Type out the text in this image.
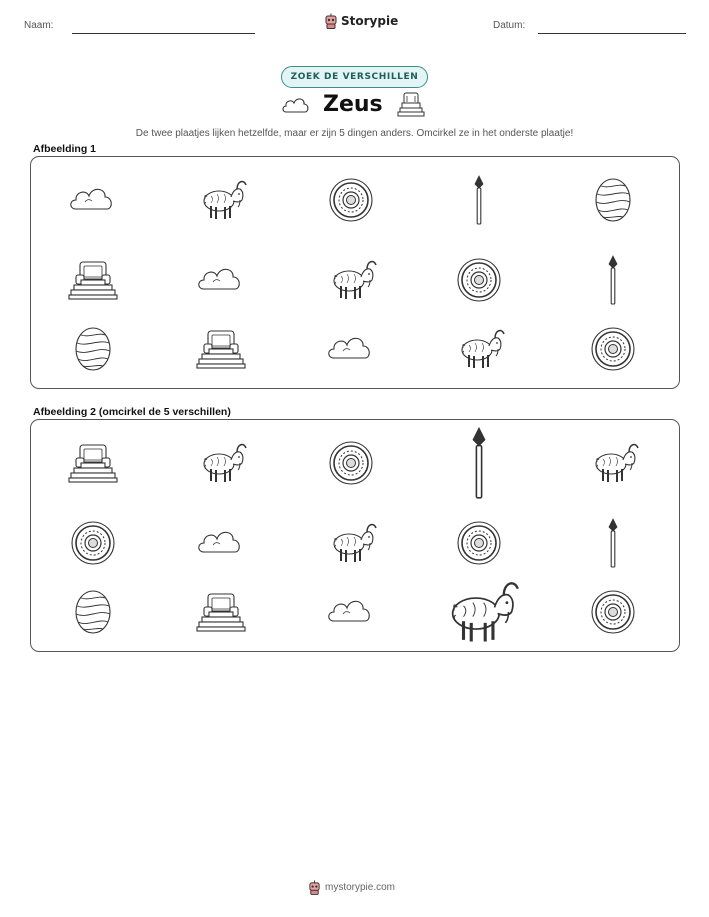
Naam:	Storypie	Datum:
ZOEK DE VERSCHILLEN
Zeus
De twee plaatjes lijken hetzelfde, maar er zijn 5 dingen anders. Omcirkel ze in het onderste plaatje!
Afbeelding 1
Afbeelding 2 (omcirkel de 5 verschillen)
mystorypie.com
